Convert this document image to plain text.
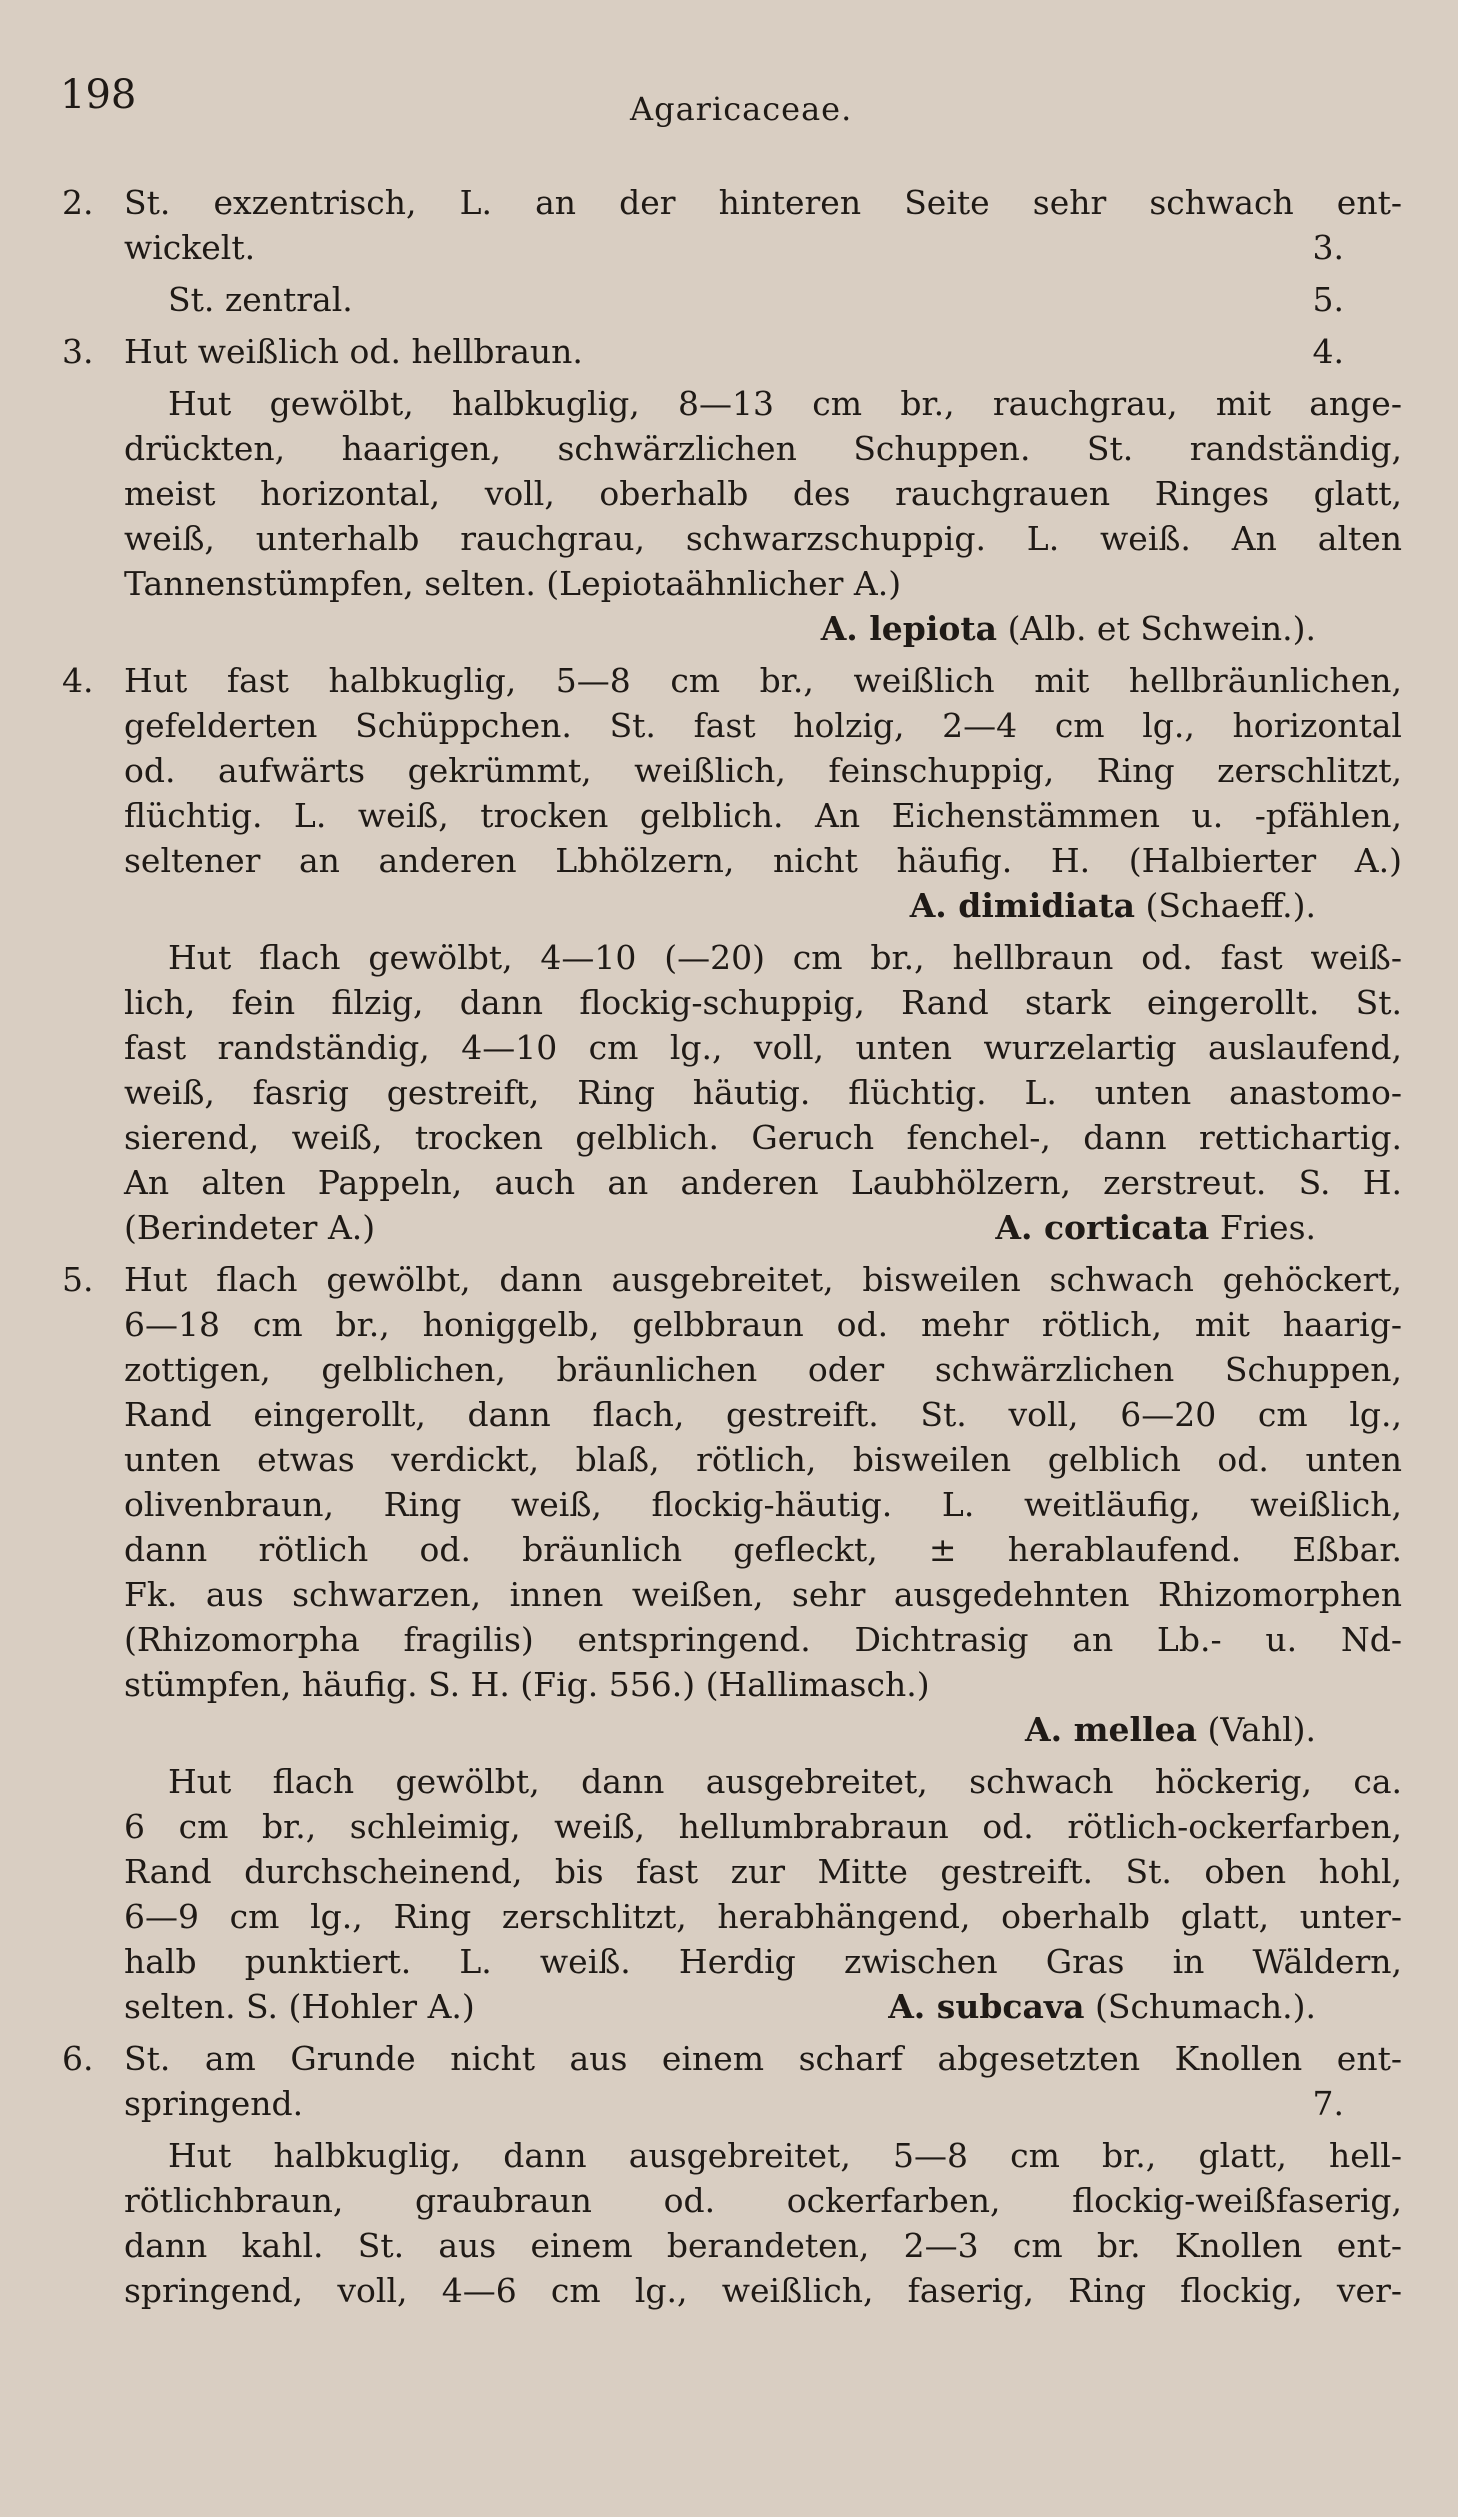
198	Agaricaceae.
2. St. exzentrisch, L. an der hinteren Seite sehr schwach ent-
wickelt.	3.
St. zentral.	5.
3. Hut weißlich od. hellbraun.	4.
Hut gewölbt, halbkuglig, 8—13 cm br., rauchgrau, mit ange-
drückten, haarigen, schwärzlichen Schuppen. St. randständig,
meist horizontal, voll, oberhalb des rauchgrauen Ringes glatt,
weiß, unterhalb rauchgrau, schwarzschuppig. L. weiß. An alten
Tannenstümpfen, selten. (Lepiotaähnlicher A.)
A. lepiota (Alb. et Schwein.).
4. Hut fast halbkuglig, 5—8 cm br., weißlich mit hellbräunlichen,
gefelderten Schüppchen. St. fast holzig, 2—4 cm lg., horizontal
od. aufwärts gekrümmt, weißlich, feinschuppig, Ring zerschlitzt,
flüchtig. L. weiß, trocken gelblich. An Eichenstämmen u. -pfählen,
seltener an anderen Lbhölzern, nicht häufig. H. (Halbierter A.)
A. dimidiata (Schaeff.).
Hut flach gewölbt, 4—10 (—20) cm br., hellbraun od. fast weiß-
lich, fein filzig, dann flockig-schuppig, Rand stark eingerollt. St.
fast randständig, 4—10 cm lg., voll, unten wurzelartig auslaufend,
weiß, fasrig gestreift, Ring häutig. flüchtig. L. unten anastomo-
sierend, weiß, trocken gelblich. Geruch fenchel-, dann rettichartig.
An alten Pappeln, auch an anderen Laubhölzern, zerstreut. S. H.
(Berindeter A.)	A. corticata Fries.
5. Hut flach gewölbt, dann ausgebreitet, bisweilen schwach gehöckert,
6—18 cm br., honiggelb, gelbbraun od. mehr rötlich, mit haarig-
zottigen, gelblichen, bräunlichen oder schwärzlichen Schuppen,
Rand eingerollt, dann flach, gestreift. St. voll, 6—20 cm lg.,
unten etwas verdickt, blaß, rötlich, bisweilen gelblich od. unten
olivenbraun, Ring weiß, flockig-häutig. L. weitläufig, weißlich,
dann rötlich od. bräunlich gefleckt, ± herablaufend. Eßbar.
Fk. aus schwarzen, innen weißen, sehr ausgedehnten Rhizomorphen
(Rhizomorpha fragilis) entspringend. Dichtrasig an Lb.- u. Nd-
stümpfen, häufig. S. H. (Fig. 556.) (Hallimasch.)
A. mellea (Vahl).
Hut flach gewölbt, dann ausgebreitet, schwach höckerig, ca.
6 cm br., schleimig, weiß, hellumbrabraun od. rötlich-ockerfarben,
Rand durchscheinend, bis fast zur Mitte gestreift. St. oben hohl,
6—9 cm lg., Ring zerschlitzt, herabhängend, oberhalb glatt, unter-
halb punktiert. L. weiß. Herdig zwischen Gras in Wäldern,
selten. S. (Hohler A.)	A. subcava (Schumach.).
6. St. am Grunde nicht aus einem scharf abgesetzten Knollen ent-
springend.	7.
Hut halbkuglig, dann ausgebreitet, 5—8 cm br., glatt, hell-
rötlichbraun, graubraun od. ockerfarben, flockig-weißfaserig,
dann kahl. St. aus einem berandeten, 2—3 cm br. Knollen ent-
springend, voll, 4—6 cm lg., weißlich, faserig, Ring flockig, ver-
